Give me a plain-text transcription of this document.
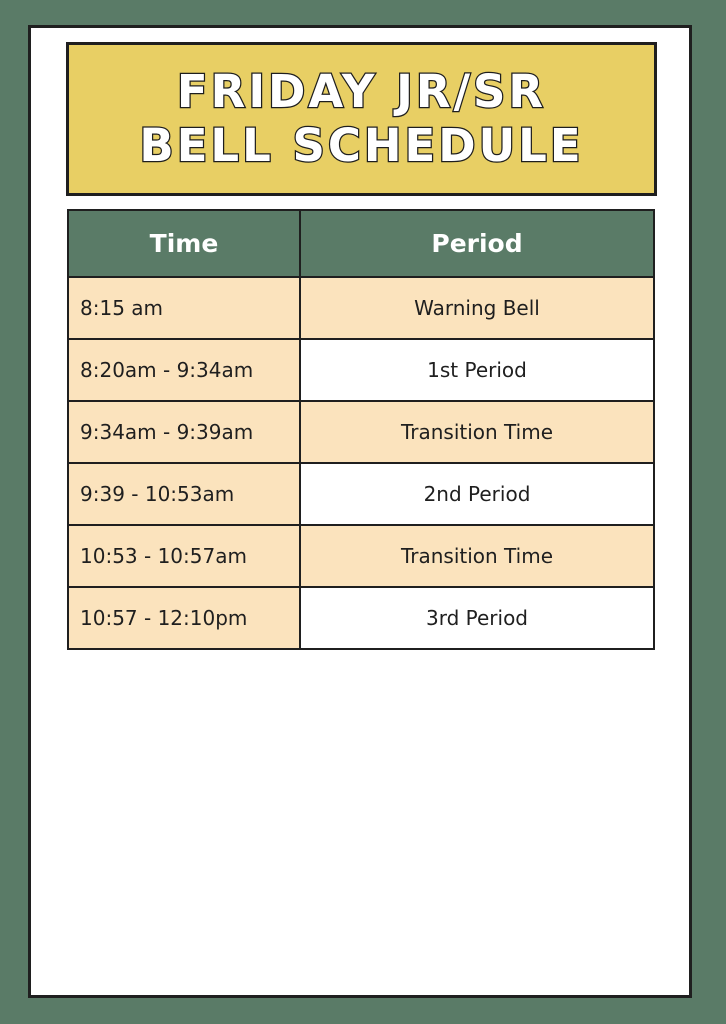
FRIDAY JR/SR
BELL SCHEDULE
Time	Period
8:15 am	Warning Bell
8:20am - 9:34am	1st Period
9:34am - 9:39am	Transition Time
9:39 - 10:53am	2nd Period
10:53 - 10:57am	Transition Time
10:57 - 12:10pm	3rd Period
